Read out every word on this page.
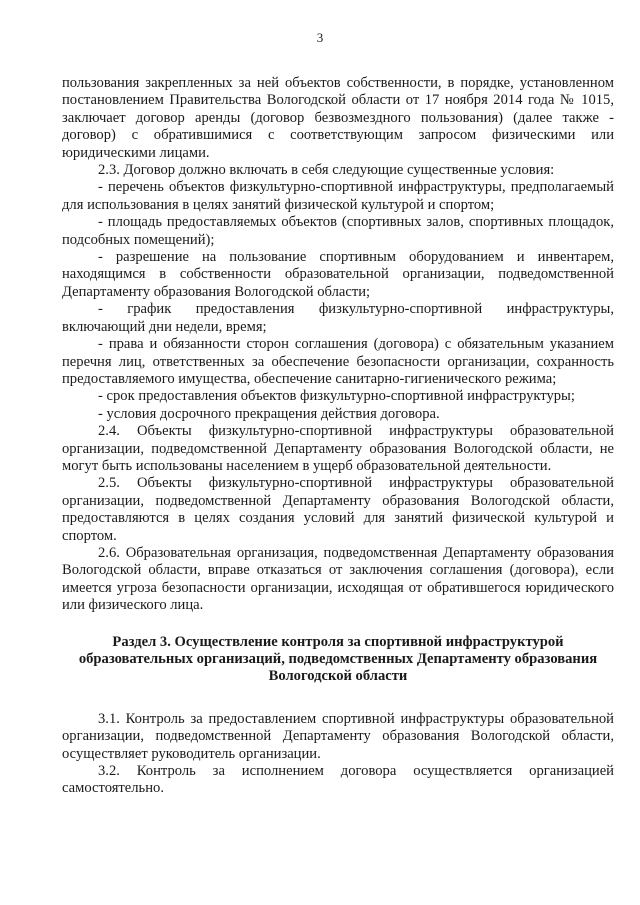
3

пользования закрепленных за ней объектов собственности, в порядке, установленном постановлением Правительства Вологодской области от 17 ноября 2014 года № 1015, заключает договор аренды (договор безвозмездного пользования) (далее также - договор) с обратившимися с соответствующим запросом физическими или юридическими лицами.

2.3. Договор должно включать в себя следующие существенные условия:

- перечень объектов физкультурно-спортивной инфраструктуры, предполагаемый для использования в целях занятий физической культурой и спортом;

- площадь предоставляемых объектов (спортивных залов, спортивных площадок, подсобных помещений);

- разрешение на пользование спортивным оборудованием и инвентарем, находящимся в собственности образовательной организации, подведомственной Департаменту образования Вологодской области;

- график предоставления физкультурно-спортивной инфраструктуры, включающий дни недели, время;

- права и обязанности сторон соглашения (договора) с обязательным указанием перечня лиц, ответственных за обеспечение безопасности организации, сохранность предоставляемого имущества, обеспечение санитарно-гигиенического режима;

- срок предоставления объектов физкультурно-спортивной инфраструктуры;

- условия досрочного прекращения действия договора.

2.4. Объекты физкультурно-спортивной инфраструктуры образовательной организации, подведомственной Департаменту образования Вологодской области, не могут быть использованы населением в ущерб образовательной деятельности.

2.5. Объекты физкультурно-спортивной инфраструктуры образовательной организации, подведомственной Департаменту образования Вологодской области, предоставляются в целях создания условий для занятий физической культурой и спортом.

2.6. Образовательная организация, подведомственная Департаменту образования Вологодской области, вправе отказаться от заключения соглашения (договора), если имеется угроза безопасности организации, исходящая от обратившегося юридического или физического лица.

Раздел 3. Осуществление контроля за спортивной инфраструктурой образовательных организаций, подведомственных Департаменту образования Вологодской области

3.1. Контроль за предоставлением спортивной инфраструктуры образовательной организации, подведомственной Департаменту образования Вологодской области, осуществляет руководитель организации.

3.2. Контроль за исполнением договора осуществляется организацией самостоятельно.
